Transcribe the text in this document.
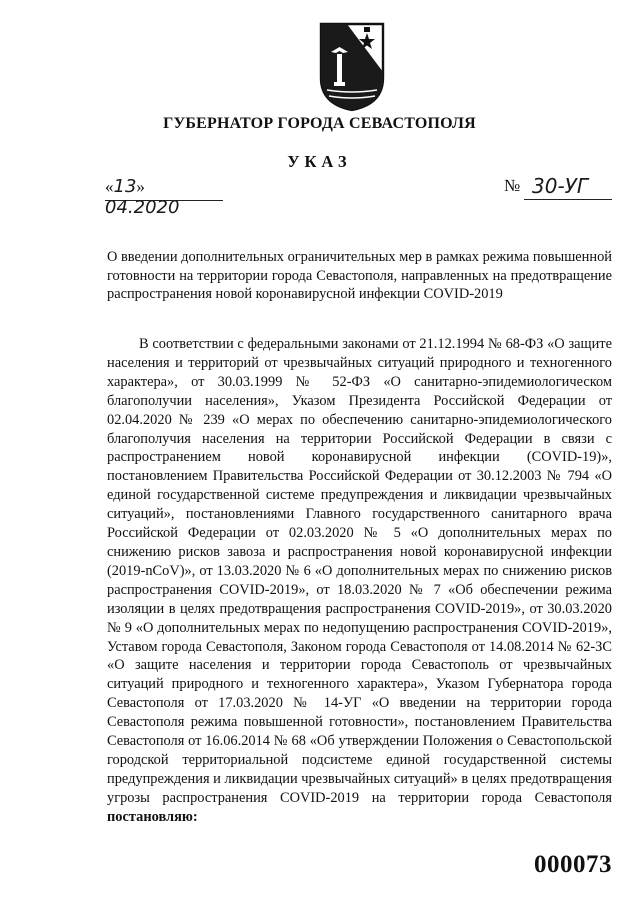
ГУБЕРНАТОР ГОРОДА СЕВАСТОПОЛЯ
УКАЗ
«13» 04.2020
№ 30-УГ
О введении дополнительных ограничительных мер в рамках режима повышенной готовности на территории города Севастополя, направленных на предотвращение распространения новой коронавирусной инфекции COVID-2019

В соответствии с федеральными законами от 21.12.1994 № 68-ФЗ «О защите населения и территорий от чрезвычайных ситуаций природного и техногенного характера», от 30.03.1999 № 52-ФЗ «О санитарно-эпидемиологическом благополучии населения», Указом Президента Российской Федерации от 02.04.2020 № 239 «О мерах по обеспечению санитарно-эпидемиологического благополучия населения на территории Российской Федерации в связи с распространением новой коронавирусной инфекции (COVID-19)», постановлением Правительства Российской Федерации от 30.12.2003 № 794 «О единой государственной системе предупреждения и ликвидации чрезвычайных ситуаций», постановлениями Главного государственного санитарного врача Российской Федерации от 02.03.2020 № 5 «О дополнительных мерах по снижению рисков завоза и распространения новой коронавирусной инфекции (2019-nCoV)», от 13.03.2020 № 6 «О дополнительных мерах по снижению рисков распространения COVID-2019», от 18.03.2020 № 7 «Об обеспечении режима изоляции в целях предотвращения распространения COVID-2019», от 30.03.2020 № 9 «О дополнительных мерах по недопущению распространения COVID-2019», Уставом города Севастополя, Законом города Севастополя от 14.08.2014 № 62-ЗС «О защите населения и территории города Севастополь от чрезвычайных ситуаций природного и техногенного характера», Указом Губернатора города Севастополя от 17.03.2020 № 14-УГ «О введении на территории города Севастополя режима повышенной готовности», постановлением Правительства Севастополя от 16.06.2014 № 68 «Об утверждении Положения о Севастопольской городской территориальной подсистеме единой государственной системы предупреждения и ликвидации чрезвычайных ситуаций» в целях предотвращения угрозы распространения COVID-2019 на территории города Севастополя постановляю:

000073
